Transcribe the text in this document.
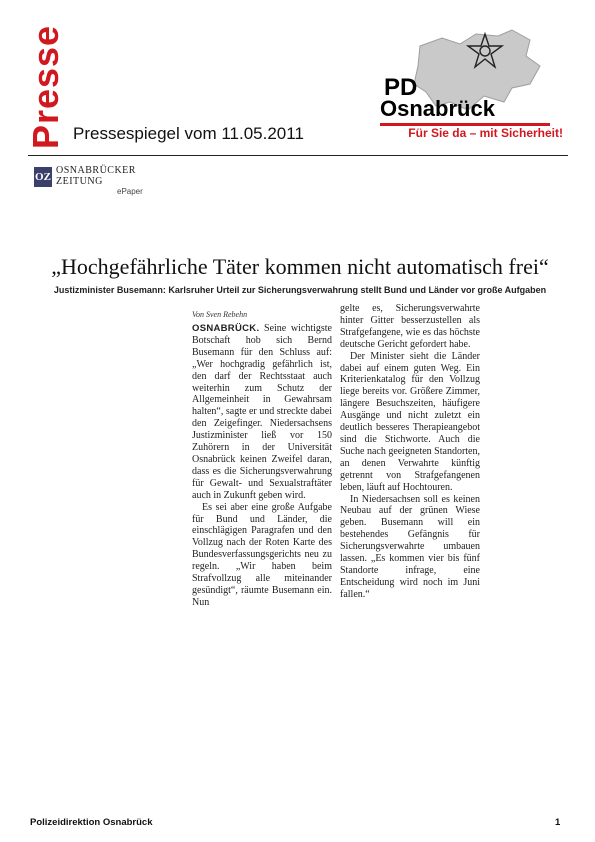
Presse Pressespiegel vom 11.05.2011
PD
Osnabrück
Für Sie da – mit Sicherheit!
OZ
OSNABRÜCKER
ZEITUNG
ePaper
„Hochgefährliche Täter kommen nicht automatisch frei“
Justizminister Busemann: Karlsruher Urteil zur Sicherungsverwahrung stellt Bund und Länder vor große Aufgaben
Von Sven Rebehn

OSNABRÜCK. Seine wichtigste Botschaft hob sich Bernd Busemann für den Schluss auf: „Wer hochgradig gefährlich ist, den darf der Rechtsstaat auch weiterhin zum Schutz der Allgemeinheit in Gewahrsam halten“, sagte er und streckte dabei den Zeigefinger. Niedersachsens Justizminister ließ vor 150 Zuhörern in der Universität Osnabrück keinen Zweifel daran, dass es die Sicherungsverwahrung für Gewalt- und Sexualstraftäter auch in Zukunft geben wird.

Es sei aber eine große Aufgabe für Bund und Länder, die einschlägigen Paragrafen und den Vollzug nach der Roten Karte des Bundesverfassungsgerichts neu zu regeln. „Wir haben beim Strafvollzug alle miteinander gesündigt“, räumte Busemann ein. Nun

gelte es, Sicherungsverwahrte hinter Gitter besserzustellen als Strafgefangene, wie es das höchste deutsche Gericht gefordert habe.

Der Minister sieht die Länder dabei auf einem guten Weg. Ein Kriterienkatalog für den Vollzug liege bereits vor. Größere Zimmer, längere Besuchszeiten, häufigere Ausgänge und nicht zuletzt ein deutlich besseres Therapieangebot sind die Stichworte. Auch die Suche nach geeigneten Standorten, an denen Verwahrte künftig getrennt von Strafgefangenen leben, läuft auf Hochtouren.

In Niedersachsen soll es keinen Neubau auf der grünen Wiese geben. Busemann will ein bestehendes Gefängnis für Sicherungsverwahrte umbauen lassen. „Es kommen vier bis fünf Standorte infrage, eine Entscheidung wird noch im Juni fallen.“

Polizeidirektion Osnabrück	1
